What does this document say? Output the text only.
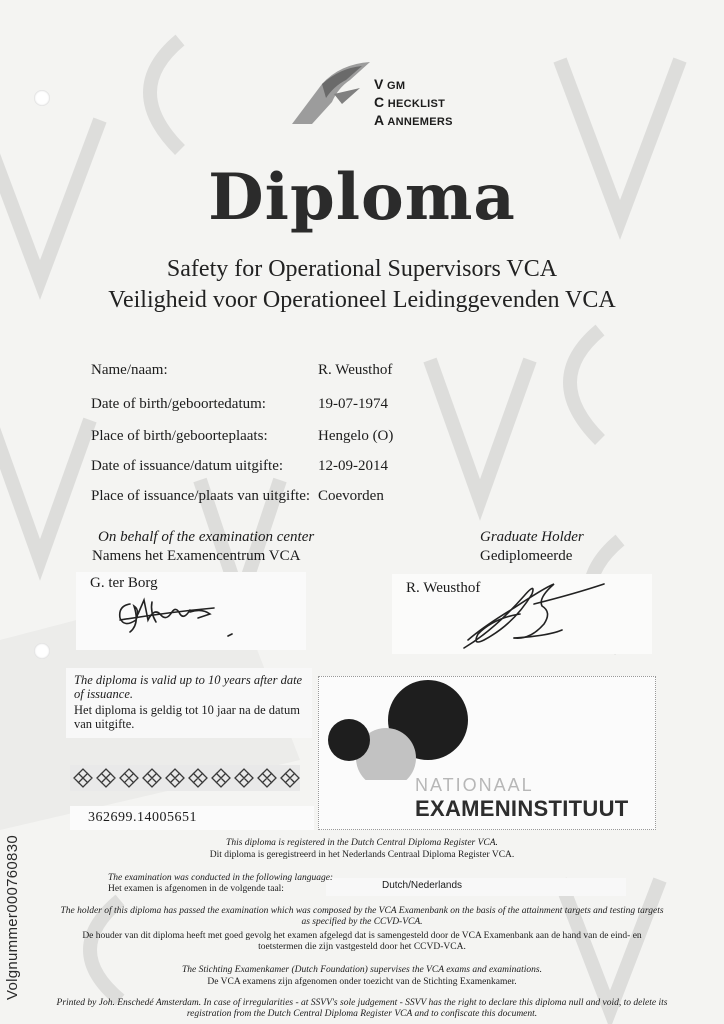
V GM
C HECKLIST
A ANNEMERS
Diploma
Safety for Operational Supervisors VCA
Veiligheid voor Operationeel Leidinggevenden VCA
Name/naam:	R. Weusthof
Date of birth/geboortedatum:	19-07-1974
Place of birth/geboorteplaats:	Hengelo (O)
Date of issuance/datum uitgifte: 12-09-2014
Place of issuance/plaats van uitgifte: Coevorden
On behalf of the examination center
Namens het Examencentrum VCA
Graduate Holder
Gediplomeerde
G. ter Borg	R. Weusthof
The diploma is valid up to 10 years after date of issuance.
Het diploma is geldig tot 10 jaar na de datum van uitgifte.
362699.14005651
NATIONAAL
EXAMENINSTITUUT
This diploma is registered in the Dutch Central Diploma Register VCA.
Dit diploma is geregistreerd in het Nederlands Centraal Diploma Register VCA.
The examination was conducted in the following language:
Het examen is afgenomen in de volgende taal:	Dutch/Nederlands
The holder of this diploma has passed the examination which was composed by the VCA Examenbank on the basis of the attainment targets and testing targets as specified by the CCVD-VCA.
De houder van dit diploma heeft met goed gevolg het examen afgelegd dat is samengesteld door de VCA Examenbank aan de hand van de eind- en toetstermen die zijn vastgesteld door het CCVD-VCA.
The Stichting Examenkamer (Dutch Foundation) supervises the VCA exams and examinations.
De VCA examens zijn afgenomen onder toezicht van de Stichting Examenkamer.
Printed by Joh. Enschedé Amsterdam. In case of irregularities - at SSVV's sole judgement - SSVV has the right to declare this diploma null and void, to delete its registration from the Dutch Central Diploma Register VCA and to confiscate this document.
Volgnummer000760830
